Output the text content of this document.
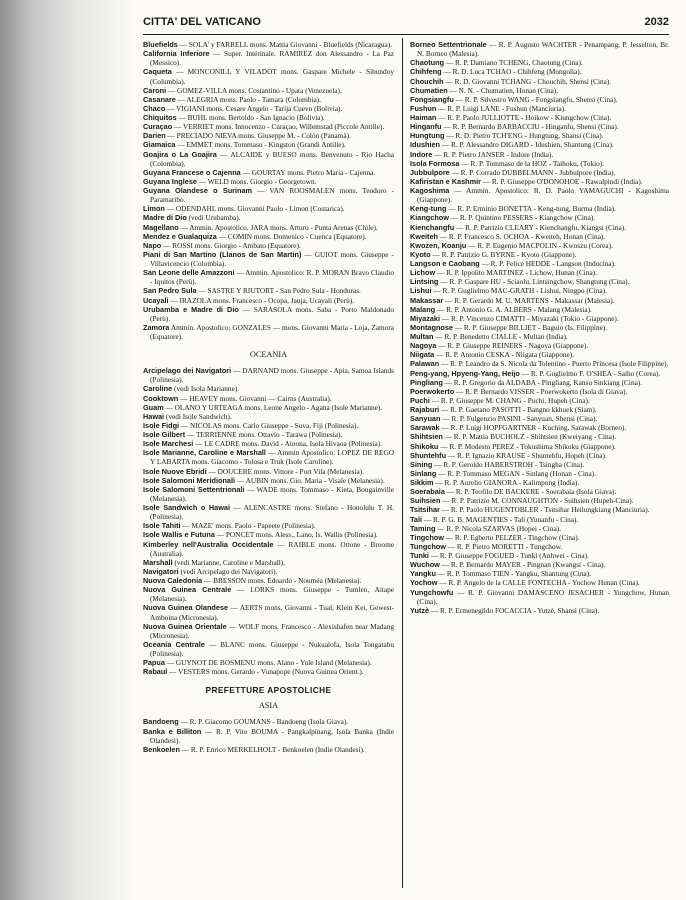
CITTA' DEL VATICANO	2032
Bluefields — SOLA' y FARRELL mons. Mattia Giovanni - Bluefields (Nicaragua).
California Inferiore — Super. Intérinale. RAMIREZ don Alessandro - La Paz (Messico).
Caqueta — MONCONILL Y VILADOT mons. Gaspare Michele - Sibundoy (Columbia).
Caroni — GOMEZ-VILLA mons. Costantino - Upata (Venezuela).
Casanare — ALEGRIA mons. Paolo - Tamara (Colombia).
Chaco — VIGIANI mons. Cesare Angelo - Tarija Cuevo (Bolivia).
Chiquitos — BUHL mons. Bertoldo - San Ignacio (Bolivia).
Curaçao — VERRIET mons. Innocenzo - Curaçao, Willemstad (Piccole Antille).
Darien — PRECIADO NIEVA mons. Giuseppe M. - Colón (Panamà).
Giamaica — EMMET mons. Tommaso - Kingston (Grandi Antille).
Goajira o La Goajira — ALCAIDE y BUESO mons. Benvenuto - Rio Hacha (Colombia).
Guyana Francese o Cajenna — GOURTAY mons. Pietro Maria - Cajenna.
Guyana Inglese — WELD mons. Giorgio - Georgetown.
Guyana Olandese o Surinam — VAN ROOSMALEN mons. Teodoro - Paramaribo.
Limon — ODENDAHL mons. Giovanni Paolo - Limon (Costarica).
Madre di Dio (vedi Urubamba).
Magellano — Ammin. Apostolico. JARA mons. Arturo - Punta Arenas (Chile).
Mendez e Gualaquiza — COMIN mons. Domenico - Cuenca (Equatore).
Napo — ROSSI mons. Giorgio - Ambato (Equatore).
Piani di San Martino (Llanos de San Martin) — GUIOT mons. Giuseppe - Villavicencio (Colombia).
San Leone delle Amazzoni — Ammin. Apostolico: R. P. MORAN Bravo Claudio - Iquitos (Perù).
San Pedro Sula — SASTRE Y RIUTORT - San Pedro Sula - Honduras.
Ucayali — IRAZOLA mons. Francesco - Ocopa, Jauja, Ucayali (Perù).
Urubamba e Madre di Dio — SARASOLA mons. Saba - Porto Maldonado (Perù).
Zamora Ammin. Apostolico: GONZALES — mons. Giovanni Maria - Loja, Zamora (Equatore).
OCEANIA
Arcipelago dei Navigatori — DARNAND mons. Giuseppe - Apia, Samoa Islands (Polinesia).
Caroline (vedi Isola Marianne).
Cooktown — HEAVEY mons. Giovanni — Cairns (Australia).
Guam — OLANO Y URTEAGA mons. Leone Angelo - Agana (Isole Marianne).
Hawai (vedi Isole Sandwich).
Isole Fidgi — NICOLAS mons. Carlo Giuseppe - Suva, Fiji (Polinesia).
Isole Gilbert — TERRIENNE mons. Ottavio - Tarawa (Polinesia).
Isole Marchesi — LE CADRE mons. David - Atuona, Isola Hivaoa (Polinesia).
Isole Marianne, Caroline e Marshall — Ammin Apostolico: LOPEZ DE REGO Y LABARTA mons. Giacomo - Tolosa e Truk (Isole Caroline).
Isole Nuove Ebridi — DOUCERE mons. Vittore - Port Vila (Melanesia).
Isole Salomoni Meridionali — AUBIN mons. Gio. Maria - Visale (Melanesia).
Isole Salomoni Settentrionali — WADE mons. Tommaso - Kieta, Bougainville (Melanesia).
Isole Sandwich o Hawai — ALENCASTRE mons. Stefano - Honolulu T. H. (Polinesia).
Isole Tahiti — MAZE' mons. Paolo - Papeete (Polinesia).
Isole Wallis e Futuna — PONCET mons. Aless., Lano, Is. Wallis (Polinesia).
Kimberley nell'Australia Occidentale — RAIBLE mons. Ottone - Broome (Australia).
Marshall (vedi Marianne, Caroline e Marshall).
Navigatori (vedi Arcipelago dei Navigatori).
Nuova Caledonia — BRESSON mons. Edoardo - Nouméa (Melanesia).
Nuova Guinea Centrale — LORKS mons. Giuseppe - Tumleo, Aitape (Melanesia).
Nuova Guinea Olandese — AERTS mons. Giovanni - Tual, Klein Kei, Gewest-Amboina (Micronesia).
Nuova Guinea Orientale — WOLF mons. Francesco - Alexishafen near Madang (Micronesia).
Oceania Centrale — BLANC mons. Giuseppe - Nukualofa, Isola Tongatabu (Polinesia).
Papua — GUYNOT DE BOSMENU mons. Alano - Yule Island (Melanesia).
Rabaul — VESTERS mons. Gerardo - Vunapope (Nuova Guinea Orient.).
PREFETTURE APOSTOLICHE
ASIA
Bandoeng — R. P. Giacomo GOUMANS - Bandoeng (Isola Giava).
Banka e Billiton — R. P. Vito BOUMA - Pangkalpinang, Isola Banka (Indie Olandesi).
Benkoelen — R. P. Enrico MERKELHOLT - Benkoelen (Indie Olandesi).
Borneo Settentrionale — R. P. Augusto WACHTER - Penampang, P. Jesselton, Br. N. Borneo (Malesia).
Chaotung — R. P. Damiano TCHENG, Chaotung (Cina).
Chihfeng — R. D. Luca TCHAO - Chihfeng (Mongolia).
Chouchih — R. D. Giovanni TCHANG - Chouchih, Shensi (Cina).
Chumatien — N. N. - Chumatien, Honan (Cina).
Fongsiangfu — R. P. Silvestro WANG - Fongsiangfu, Shensi (Cina).
Fushun — R. P. Luigi LANE - Fushun (Manciuria).
Haiman — R. P. Paolo JULLIOTTE - Hoikow - Kiungchow (Cina).
Hinganfu — R. P. Bernardo BARBACCIU - Hinganfu, Shensi (Cina).
Hungtung — R. D. Pietro TCH'ENG - Hungtung, Shansi (Cina).
Idushien — R. P. Alessandro DIGARD - Idushien, Shantung (Cina).
Indore — R. P. Pietro JANSER - Indore (India).
Isola Formosa — R. P. Tommaso de la HOZ - Taihoku, (Tokio).
Jubbulpore — R. P. Corrado DUBBELMANN - Jubbulpore (India).
Kafiristan e Kashmir — R. P. Giuseppe O'DONOHOE - Rawalpindi (India).
Kagoshima — Ammin. Apostolico: R. D. Paolo YAMAGUCHI - Kagoshima (Giappone).
Keng-tung — R. P. Erminio BONETTA - Keng-tung, Burma (India).
Kiangchow — R. P. Quintino PESSERS - Kiangchow (Cina).
Kienchangfu — R. P. Patrizio CLEARY - Kienchangfu, Kiangsi (Cina).
Kweiteh — R. P. Francesco S. OCHOA - Kweiteh, Honan (Cina).
Kwozen, Koanju — R. P. Eugenio MACPOLIN - Kwoszu (Corea).
Kyoto — R. P. Patrizio G. BYRNE - Kyoto (Giappone).
Langson e Caobang — R. P. Felice HEDDE - Langson (Indocina).
Lichow — R. P. Ippolito MARTINEZ - Lichow, Hunan (Cina).
Lintsing — R. P. Gaspare HU - Sciaolu, Lintsingchow, Shangtung (Cina).
Lishui — R. P. Guglielmo MAC-GRATH - Lishui, Ningpo (Cina).
Makassar — R. P. Gerardo M. U. MARTENS - Makassar (Malesia).
Malang — R. P. Antonio G. A. ALBERS - Malang (Malesia).
Miyazaki — R. P. Vincenzo CIMATTI - Miyazaki (Tokio - Giappone).
Montagnose — R. P. Giuseppe BILLIET - Baguio (Is. Filippine).
Multan — R. P. Benedetto CIALLE - Multan (India).
Nagoya — R. P. Giuseppe REINERS - Nagoya (Giappone).
Niigata — R. P. Antonio CESKA - Niigata (Giappone).
Palawan — R. P. Leandro da S. Nicola da Tolentino - Puerto Princesa (Isole Filippine).
Peng-yang, Hpyeng-Yang, Heijo — R. P. Guglielmo F. O'SHEA - Saiho (Corea).
Pingliang — R. P. Gregorio da ALDABA - Pingliang, Kansu Sinkiang (Cina).
Poerwokerto — R. P. Bernardo VISSER - Poerwokerto (Isola di Giava).
Puchi — R. P. Giuseppe M. CHANG - Puchi, Hupeh (Cina).
Rajaburi — R. P. Gaetano PASOTTI - Bangno kkhuek (Siam).
Sanyuan — R. P. Fulgenzio PASINI - Sanyuan, Shensi (Cina).
Sarawak — R. P. Luigi HOPFGARTNER - Kuching, Sarawak (Borneo).
Shihtsien — R. P. Mattia BUCHOLZ - Shihtsien (Kweiyang - Cina).
Shikoku — R. P. Modesto PEREZ - Tokushima Shikoku (Giappone).
Shuntehfu — R. P. Ignazio KRAUSE - Shuntehfu, Hopeh (Cina).
Sining — R. P. Geroldo HABERSTROH - Tsingha (Cina).
Sinlang — R. P. Tommaso MEGAN - Sinlang (Honan - Cina).
Sikkim — R. P. Aurelio GIANORA - Kalimpong (India).
Soerabaia — R. P. Teofilo DE BACKERE - Soerabaia (Isola Giava).
Suihsien — R. P. Patrizio M. CONNAUGHTON - Suihsien (Hupeh-Cina).
Tsitsihar — R. P. Paolo HUGENTOBLER - Tsitsihar Heilungkiang (Manciuria).
Tali — R. P. G. B. MAGENTIES - Tali (Yunanfu - Cina).
Taming — R. P. Nicola SZARVAS (Hopei - Cina).
Tingchow — R. P. Egberto PELZER - Tingchow (Cina).
Tungchow — R. P. Pietro MORETTI - Tungchow.
Tunki — R. P. Giuseppe FOGUED - Tunki (Anhwei - Cina).
Wuchow — R. P. Bernardo MAYER - Pingnan (Kwangsi - Cina).
Yangku — R. P. Tommaso TIEN - Yangku, Shantung (Cina).
Yochow — R. P. Angelo de la CALLE FONTECHA - Yochow Hunan (Cina).
Yungchowfu — R. P. Giovanni DAMASCENO JESACHER - Yungchow, Hunan (Cina).
Yutzè — R. P. Ermenegildo FOCACCIA - Yutzè, Shansi (Cina).
